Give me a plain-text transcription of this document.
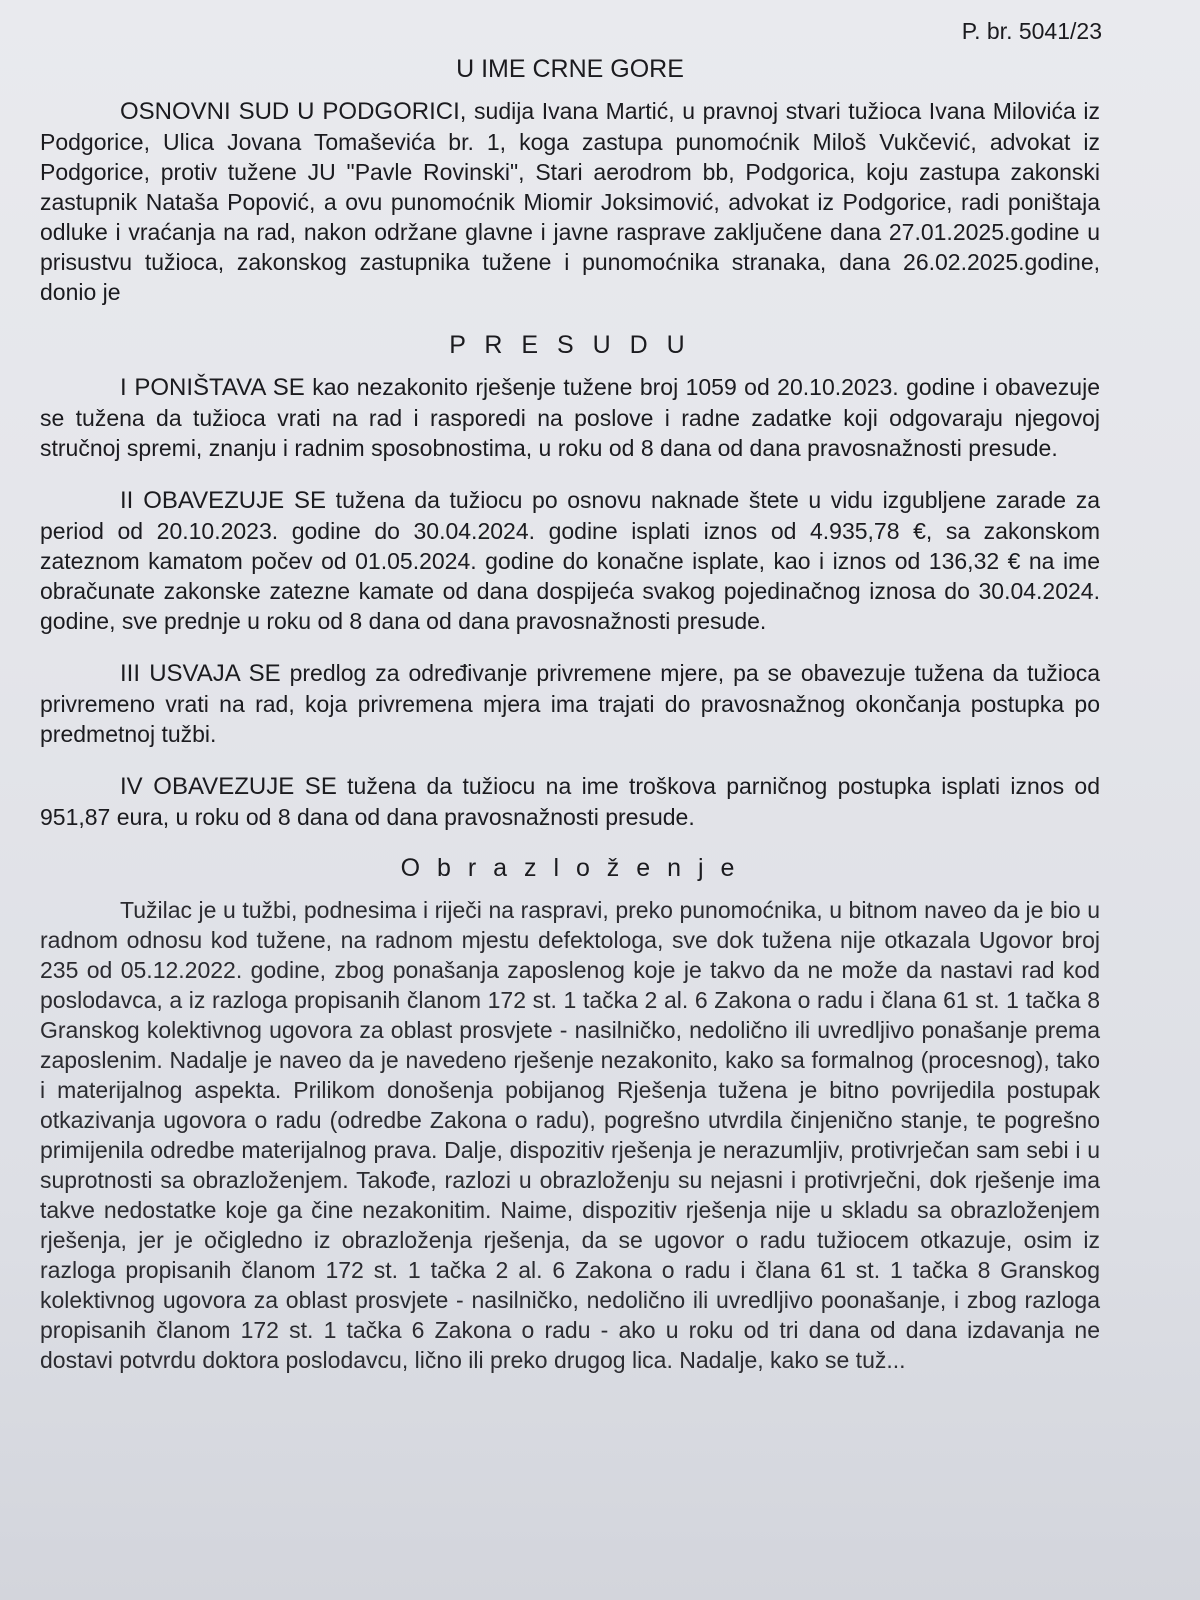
P. br. 5041/23
U IME CRNE GORE

OSNOVNI SUD U PODGORICI, sudija Ivana Martić, u pravnoj stvari tužioca Ivana Milovića iz Podgorice, Ulica Jovana Tomaševića br. 1, koga zastupa punomoćnik Miloš Vukčević, advokat iz Podgorice, protiv tužene JU "Pavle Rovinski", Stari aerodrom bb, Podgorica, koju zastupa zakonski zastupnik Nataša Popović, a ovu punomoćnik Miomir Joksimović, advokat iz Podgorice, radi poništaja odluke i vraćanja na rad, nakon održane glavne i javne rasprave zaključene dana 27.01.2025.godine u prisustvu tužioca, zakonskog zastupnika tužene i punomoćnika stranaka, dana 26.02.2025.godine, donio je

P R E S U D U

I PONIŠTAVA SE kao nezakonito rješenje tužene broj 1059 od 20.10.2023. godine i obavezuje se tužena da tužioca vrati na rad i rasporedi na poslove i radne zadatke koji odgovaraju njegovoj stručnoj spremi, znanju i radnim sposobnostima, u roku od 8 dana od dana pravosnažnosti presude.

II OBAVEZUJE SE tužena da tužiocu po osnovu naknade štete u vidu izgubljene zarade za period od 20.10.2023. godine do 30.04.2024. godine isplati iznos od 4.935,78 €, sa zakonskom zateznom kamatom počev od 01.05.2024. godine do konačne isplate, kao i iznos od 136,32 € na ime obračunate zakonske zatezne kamate od dana dospijeća svakog pojedinačnog iznosa do 30.04.2024. godine, sve prednje u roku od 8 dana od dana pravosnažnosti presude.

III USVAJA SE predlog za određivanje privremene mjere, pa se obavezuje tužena da tužioca privremeno vrati na rad, koja privremena mjera ima trajati do pravosnažnog okončanja postupka po predmetnoj tužbi.

IV OBAVEZUJE SE tužena da tužiocu na ime troškova parničnog postupka isplati iznos od 951,87 eura, u roku od 8 dana od dana pravosnažnosti presude.

O b r a z l o ž e n j e

Tužilac je u tužbi, podnesima i riječi na raspravi, preko punomoćnika, u bitnom naveo da je bio u radnom odnosu kod tužene, na radnom mjestu defektologa, sve dok tužena nije otkazala Ugovor broj 235 od 05.12.2022. godine, zbog ponašanja zaposlenog koje je takvo da ne može da nastavi rad kod poslodavca, a iz razloga propisanih članom 172 st. 1 tačka 2 al. 6 Zakona o radu i člana 61 st. 1 tačka 8 Granskog kolektivnog ugovora za oblast prosvjete - nasilničko, nedolično ili uvredljivo ponašanje prema zaposlenim. Nadalje je naveo da je navedeno rješenje nezakonito, kako sa formalnog (procesnog), tako i materijalnog aspekta. Prilikom donošenja pobijanog Rješenja tužena je bitno povrijedila postupak otkazivanja ugovora o radu (odredbe Zakona o radu), pogrešno utvrdila činjenično stanje, te pogrešno primijenila odredbe materijalnog prava. Dalje, dispozitiv rješenja je nerazumljiv, protivrječan sam sebi i u suprotnosti sa obrazloženjem. Takođe, razlozi u obrazloženju su nejasni i protivrječni, dok rješenje ima takve nedostatke koje ga čine nezakonitim. Naime, dispozitiv rješenja nije u skladu sa obrazloženjem rješenja, jer je očigledno iz obrazloženja rješenja, da se ugovor o radu tužiocem otkazuje, osim iz razloga propisanih članom 172 st. 1 tačka 2 al. 6 Zakona o radu i člana 61 st. 1 tačka 8 Granskog kolektivnog ugovora za oblast prosvjete - nasilničko, nedolično ili uvredljivo poonašanje, i zbog razloga propisanih članom 172 st. 1 tačka 6 Zakona o radu - ako u roku od tri dana od dana izdavanja ne dostavi potvrdu doktora poslodavcu, lično ili preko drugog lica. Nadalje, kako se tuž...
